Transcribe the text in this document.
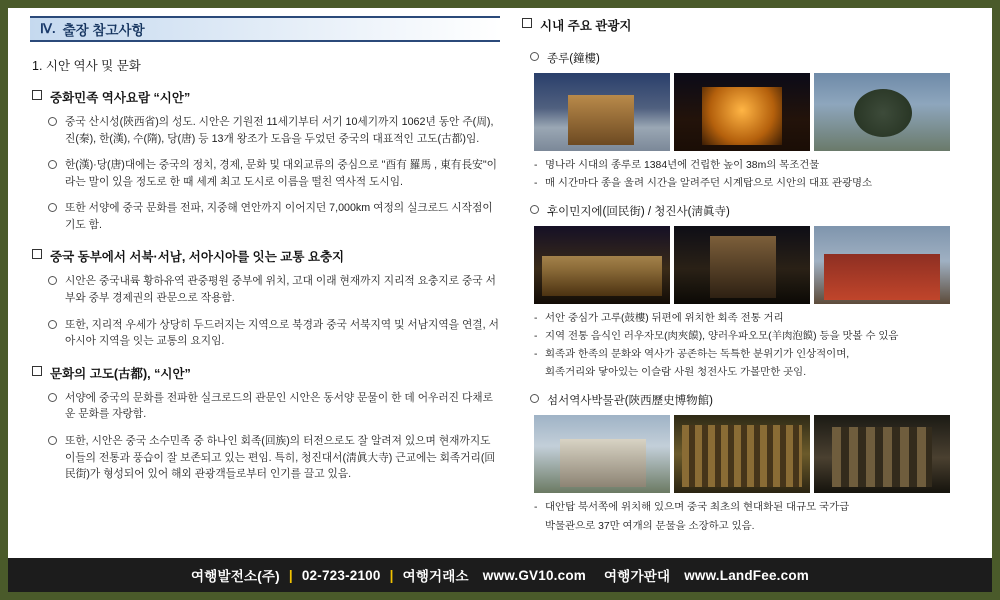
Ⅳ. 출장 참고사항
1. 시안 역사 및 문화
중화민족 역사요람 “시안”
중국 산시성(陝西省)의 성도. 시안은 기원전 11세기부터 서기 10세기까지 1062년 동안 주(周), 진(秦), 한(漢), 수(隋), 당(唐) 등 13개 왕조가 도읍을 두었던 중국의 대표적인 고도(古都)임.
한(漢)·당(唐)대에는 중국의 정치, 경제, 문화 및 대외교류의 중심으로 "酉有 羅馬 , 東有長安"이라는 말이 있을 정도로 한 때 세계 최고 도시로 이름을 떨친 역사적 도시임.
또한 서양에 중국 문화를 전파, 지중해 연안까지 이어지던 7,000km 여정의 실크로드 시작점이기도 함.
중국 동부에서 서북·서남, 서아시아를 잇는 교통 요충지
시안은 중국내륙 황하유역 관중평원 중부에 위치, 고대 이래 현재까지 지리적 요충지로 중국 서부와 중부 경제권의 관문으로 작용함.
또한, 지리적 우세가 상당히 두드러지는 지역으로 북경과 중국 서북지역 및 서남지역을 연결, 서아시아 지역을 잇는 교통의 요지임.
문화의 고도(古都), “시안”
서양에 중국의 문화를 전파한 실크로드의 관문인 시안은 동서양 문물이 한 데 어우러진 다채로운 문화를 자랑함.
또한, 시안은 중국 소수민족 중 하나인 회족(回族)의 터전으로도 잘 알려져 있으며 현재까지도 이들의 전통과 풍습이 잘 보존되고 있는 편임. 특히, 청진대서(淸眞大寺) 근교에는 회족거리(回民街)가 형성되어 있어 해외 관광객들로부터 인기를 끌고 있음.
시내 주요 관광지
종루(鐘樓)
- 명나라 시대의 종루로 1384년에 건립한 높이 38m의 목조건물
- 매 시간마다 종을 울려 시간을 알려주던 시계탑으로 시안의 대표 관광명소
후이민지에(回民街) / 청진사(淸眞寺)
- 서안 중심가 고루(鼓樓) 뒤편에 위치한 회족 전통 거리
- 지역 전통 음식인 러우자모(肉夾饃), 양러우파오모(羊肉泡饃) 등을 맛볼 수 있음
- 회족과 한족의 문화와 역사가 공존하는 독특한 분위기가 인상적이며,
회족거리와 닿아있는 이슬람 사원 청전사도 가볼만한 곳임.
섬서역사박물관(陝西歷史博物館)
- 대안탑 북서쪽에 위치해 있으며 중국 최초의 현대화된 대규모 국가급
박물관으로 37만 여개의 문물을 소장하고 있음.
여행발전소(주) | 02-723-2100 | 여행거래소 www.GV10.com 여행가판대 www.LandFee.com
